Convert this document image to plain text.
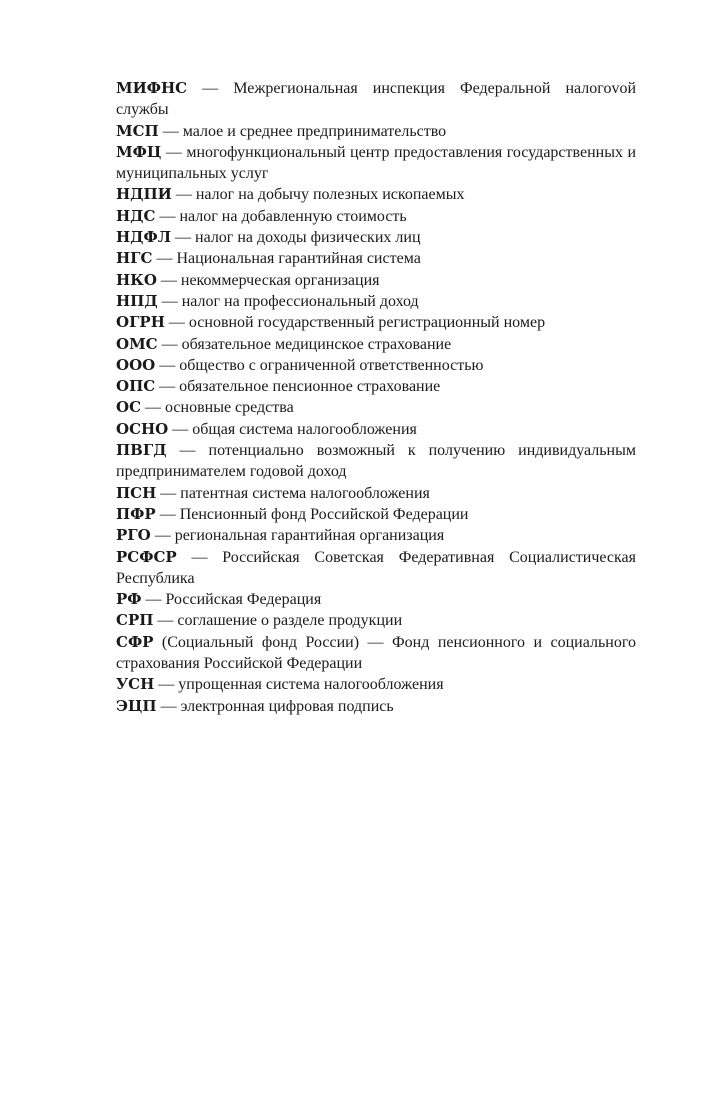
МИФНС — Межрегиональная инспекция Федеральной налогоvой службы
МСП — малое и среднее предпринимательство
МФЦ — многофункциональный центр предоставления государственных и муниципальных услуг
НДПИ — налог на добычу полезных ископаемых
НДС — налог на добавленную стоимость
НДФЛ — налог на доходы физических лиц
НГС — Национальная гарантийная система
НКО — некоммерческая организация
НПД — налог на профессиональный доход
ОГРН — основной государственный регистрационный номер
ОМС — обязательное медицинское страхование
ООО — общество с ограниченной ответственностью
ОПС — обязательное пенсионное страхование
ОС — основные средства
ОСНО — общая система налогообложения
ПВГД — потенциально возможный к получению индивидуальным предпринимателем годовой доход
ПСН — патентная система налогообложения
ПФР — Пенсионный фонд Российской Федерации
РГО — региональная гарантийная организация
РСФСР — Российская Советская Федеративная Социалистическая Республика
РФ — Российская Федерация
СРП — соглашение о разделе продукции
СФР (Социальный фонд России) — Фонд пенсионного и социального страхования Российской Федерации
УСН — упрощенная система налогообложения
ЭЦП — электронная цифровая подпись
